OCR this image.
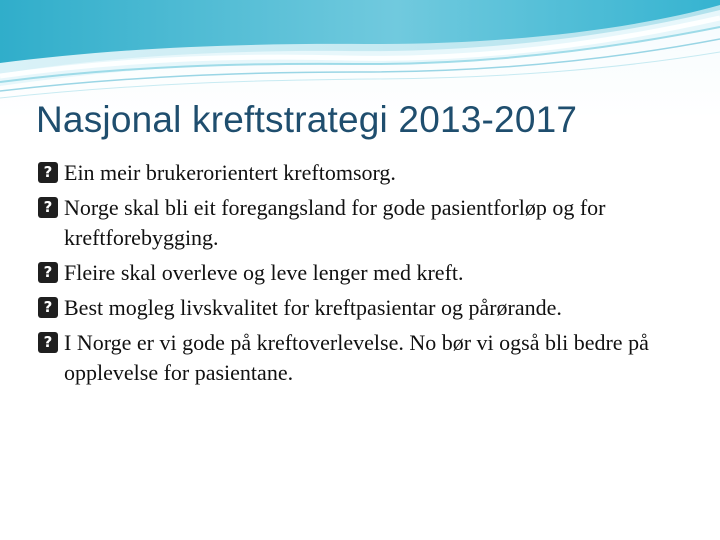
Nasjonal kreftstrategi 2013-2017
? Ein meir brukerorientert kreftomsorg.
? Norge skal bli eit foregangsland for gode pasientforløp og for kreftforebygging.
? Fleire skal overleve og leve lenger med kreft.
? Best mogleg livskvalitet for kreftpasientar og pårørande.
? I Norge er vi gode på kreftoverlevelse. No bør vi også bli bedre på opplevelse for pasientane.
